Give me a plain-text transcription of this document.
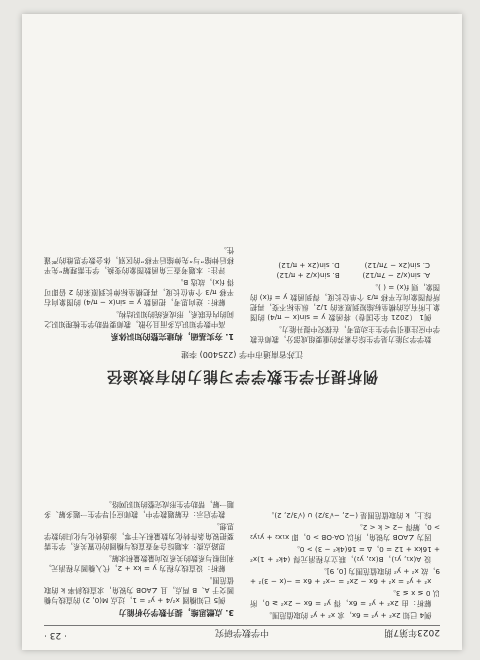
2023年第7期
中学数学研究
· 23 ·

例4 已知 2x² + y² = 6x，求 x² + y² 的取值范围。

解析：由 2x² + y² = 6x，得 y² = 6x − 2x² ≥ 0，所以 0 ≤ x ≤ 3。

x² + y² = x² + 6x − 2x² = −x² + 6x = −(x − 3)² + 9，故 x² + y² 的取值范围为 [0, 9]。

设 A(x₁, y₁)，B(x₂, y₂)，联立方程消元得 (4k² + 1)x² + 16kx + 12 = 0，Δ = 16(4k² − 3) > 0。

因为 ∠AOB 为锐角，所以 OA·OB > 0，即 x₁x₂ + y₁y₂ > 0，解得 −2 < k < 2。

综上，k 的取值范围是 (−2, −√3/2) ∪ (√3/2, 2)。

3. 点燃思维，提升数学分析能力

例5 已知椭圆 x²/4 + y² = 1，过点 M(0, 2) 的直线与椭圆交于 A、B 两点，且 ∠AOB 为锐角，求直线斜率 k 的取值范围。

解析：设直线方程为 y = kx + 2，代入椭圆方程消元，利用根与系数的关系及向量数量积求解。

思路点拨：本题综合考查直线与椭圆的位置关系，学生需要把锐角条件转化为数量积大于零，渗透转化与化归的数学思想。

教学启示：在解题教学中，教师应引导学生一题多解、多题一解，帮助学生形成完整的知识网络。

例析提升学生数学学习能力的有效途径
江苏省南通市中学 (225400) 李建

数学学习能力是学生综合素养的重要组成部分，教师在教学中应注重引导学生主动思考，在探究中提升能力。

例1 （2021 年全国卷）将函数 y = sin(x − π/4) 的图象上所有点的横坐标缩短到原来的 1/2，纵坐标不变，再把所得图象向左平移 π/3 个单位长度，得到函数 y = f(x) 的图象，则 f(x) = ( )。

A. sin(x/2 − 7π/12) B. sin(x/2 + π/12) C. sin(2x − 7π/12) D. sin(2x + π/12)
1. 夯实基础，构建完整的知识体系

高中数学知识点多而且分散，教师要帮助学生梳理知识之间的内在联系，形成系统的知识结构。

解析：逆向思考，把函数 y = sin(x − π/4) 的图象向右平移 π/3 个单位长度，再把横坐标伸长到原来的 2 倍即可得 f(x)，故选 B。

评注：本题考查三角函数图象的变换，学生需理解“先平移后伸缩”与“先伸缩后平移”的区别，体会数学思维的严谨性。
